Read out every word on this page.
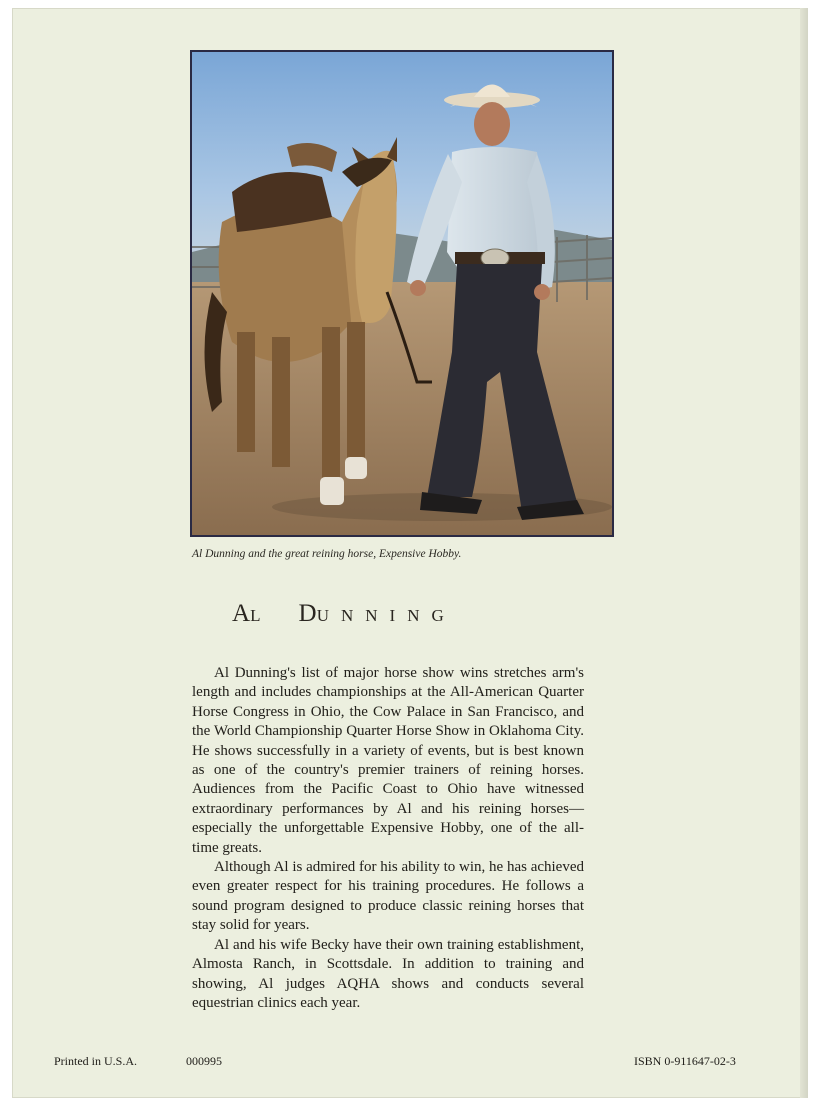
Al Dunning and the great reining horse, Expensive Hobby.
AL DUNNING

Al Dunning's list of major horse show wins stretches arm's length and includes championships at the All-American Quarter Horse Congress in Ohio, the Cow Palace in San Francisco, and the World Championship Quarter Horse Show in Oklahoma City. He shows successfully in a variety of events, but is best known as one of the country's premier trainers of reining horses. Audiences from the Pacific Coast to Ohio have witnessed extraordinary performances by Al and his reining horses—especially the unforgettable Expensive Hobby, one of the all-time greats.

Although Al is admired for his ability to win, he has achieved even greater respect for his training procedures. He follows a sound program designed to produce classic reining horses that stay solid for years.

Al and his wife Becky have their own training establishment, Almosta Ranch, in Scottsdale. In addition to training and showing, Al judges AQHA shows and conducts several equestrian clinics each year.

Printed in U.S.A.	000995	ISBN 0-911647-02-3
